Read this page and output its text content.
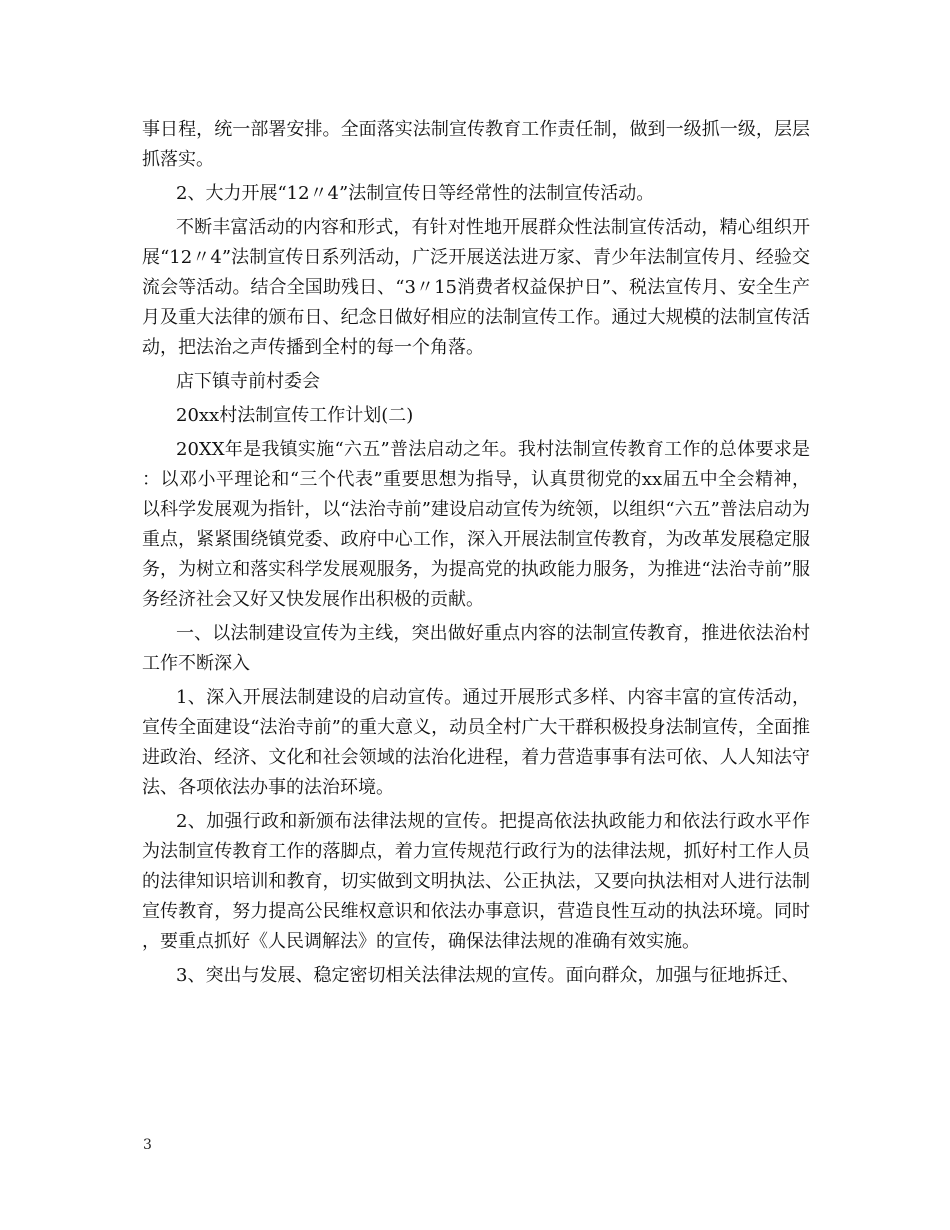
事日程，统一部署安排。全面落实法制宣传教育工作责任制，做到一级抓一级，层层抓落实。

2、大力开展“12〃4”法制宣传日等经常性的法制宣传活动。

不断丰富活动的内容和形式，有针对性地开展群众性法制宣传活动，精心组织开展“12〃4”法制宣传日系列活动，广泛开展送法进万家、青少年法制宣传月、经验交流会等活动。结合全国助残日、“3〃15消费者权益保护日”、税法宣传月、安全生产月及重大法律的颁布日、纪念日做好相应的法制宣传工作。通过大规模的法制宣传活动，把法治之声传播到全村的每一个角落。

店下镇寺前村委会

20xx村法制宣传工作计划(二)

20XX年是我镇实施“六五”普法启动之年。我村法制宣传教育工作的总体要求是：以邓小平理论和“三个代表”重要思想为指导，认真贯彻党的xx届五中全会精神，以科学发展观为指针，以“法治寺前”建设启动宣传为统领，以组织“六五”普法启动为重点，紧紧围绕镇党委、政府中心工作，深入开展法制宣传教育，为改革发展稳定服务，为树立和落实科学发展观服务，为提高党的执政能力服务，为推进“法治寺前”服务经济社会又好又快发展作出积极的贡献。

一、以法制建设宣传为主线，突出做好重点内容的法制宣传教育，推进依法治村工作不断深入

1、深入开展法制建设的启动宣传。通过开展形式多样、内容丰富的宣传活动，宣传全面建设“法治寺前”的重大意义，动员全村广大干群积极投身法制宣传，全面推进政治、经济、文化和社会领域的法治化进程，着力营造事事有法可依、人人知法守法、各项依法办事的法治环境。

2、加强行政和新颁布法律法规的宣传。把提高依法执政能力和依法行政水平作为法制宣传教育工作的落脚点，着力宣传规范行政行为的法律法规，抓好村工作人员的法律知识培训和教育，切实做到文明执法、公正执法，又要向执法相对人进行法制宣传教育，努力提高公民维权意识和依法办事意识，营造良性互动的执法环境。同时，要重点抓好《人民调解法》的宣传，确保法律法规的准确有效实施。

3、突出与发展、稳定密切相关法律法规的宣传。面向群众，加强与征地拆迁、

3
